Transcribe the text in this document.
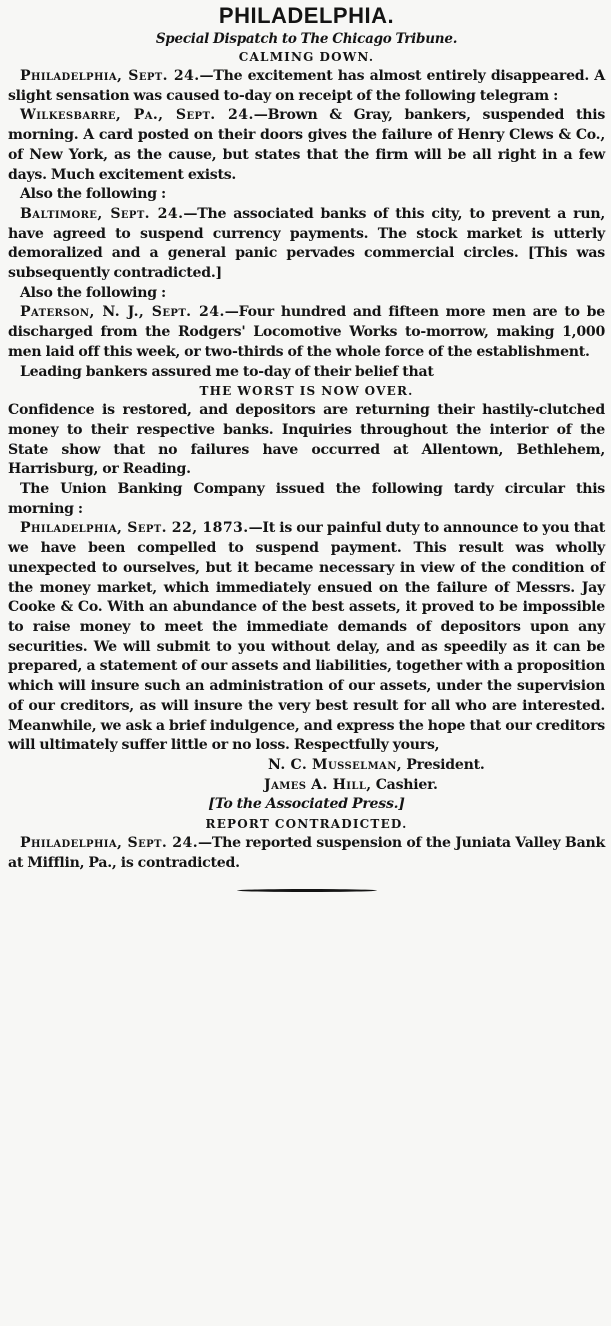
PHILADELPHIA.
Special Dispatch to The Chicago Tribune.
CALMING DOWN.

Philadelphia, Sept. 24.—The excitement has almost entirely disappeared. A slight sensation was caused to-day on receipt of the following telegram :

Wilkesbarre, Pa., Sept. 24.—Brown & Gray, bankers, suspended this morning. A card posted on their doors gives the failure of Henry Clews & Co., of New York, as the cause, but states that the firm will be all right in a few days. Much excitement exists.

Also the following :

Baltimore, Sept. 24.—The associated banks of this city, to prevent a run, have agreed to suspend currency payments. The stock market is utterly demoralized and a general panic pervades commercial circles. [This was subsequently contradicted.]

Also the following :

Paterson, N. J., Sept. 24.—Four hundred and fifteen more men are to be discharged from the Rodgers' Locomotive Works to-morrow, making 1,000 men laid off this week, or two-thirds of the whole force of the establishment.

Leading bankers assured me to-day of their belief that

THE WORST IS NOW OVER.

Confidence is restored, and depositors are returning their hastily-clutched money to their respective banks. Inquiries throughout the interior of the State show that no failures have occurred at Allentown, Bethlehem, Harrisburg, or Reading.

The Union Banking Company issued the following tardy circular this morning :

Philadelphia, Sept. 22, 1873.—It is our painful duty to announce to you that we have been compelled to suspend payment. This result was wholly unexpected to ourselves, but it became necessary in view of the condition of the money market, which immediately ensued on the failure of Messrs. Jay Cooke & Co. With an abundance of the best assets, it proved to be impossible to raise money to meet the immediate demands of depositors upon any securities. We will submit to you without delay, and as speedily as it can be prepared, a statement of our assets and liabilities, together with a proposition which will insure such an administration of our assets, under the supervision of our creditors, as will insure the very best result for all who are interested. Meanwhile, we ask a brief indulgence, and express the hope that our creditors will ultimately suffer little or no loss. Respectfully yours,

N. C. Musselman, President.

James A. Hill, Cashier.

[To the Associated Press.]

REPORT CONTRADICTED.

Philadelphia, Sept. 24.—The reported suspension of the Juniata Valley Bank at Mifflin, Pa., is contradicted.
